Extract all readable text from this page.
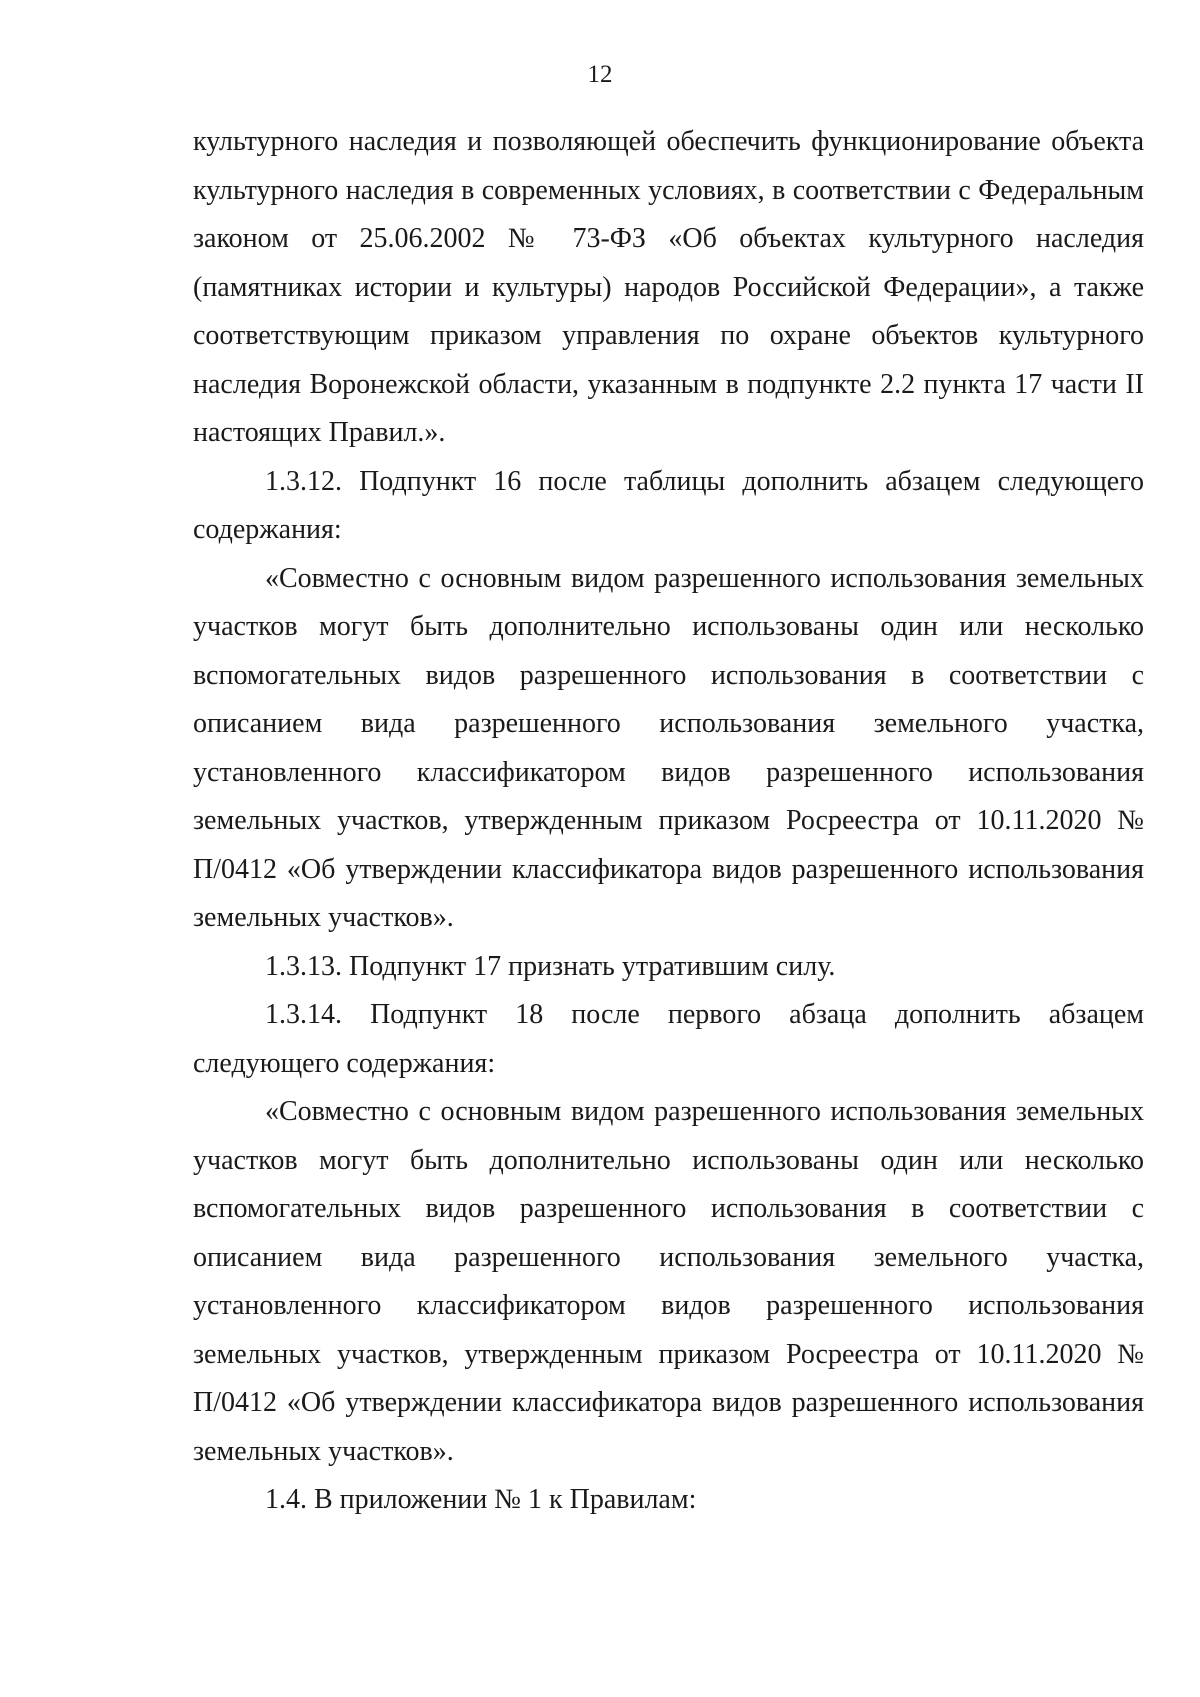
12

культурного наследия и позволяющей обеспечить функционирование объекта культурного наследия в современных условиях, в соответствии с Федеральным законом от 25.06.2002 № 73-ФЗ «Об объектах культурного наследия (памятниках истории и культуры) народов Российской Федерации», а также соответствующим приказом управления по охране объектов культурного наследия Воронежской области, указанным в подпункте 2.2 пункта 17 части II настоящих Правил.».

1.3.12. Подпункт 16 после таблицы дополнить абзацем следующего содержания:

«Совместно с основным видом разрешенного использования земельных участков могут быть дополнительно использованы один или несколько вспомогательных видов разрешенного использования в соответствии с описанием вида разрешенного использования земельного участка, установленного классификатором видов разрешенного использования земельных участков, утвержденным приказом Росреестра от 10.11.2020 № П/0412 «Об утверждении классификатора видов разрешенного использования земельных участков».

1.3.13. Подпункт 17 признать утратившим силу.

1.3.14. Подпункт 18 после первого абзаца дополнить абзацем следующего содержания:

«Совместно с основным видом разрешенного использования земельных участков могут быть дополнительно использованы один или несколько вспомогательных видов разрешенного использования в соответствии с описанием вида разрешенного использования земельного участка, установленного классификатором видов разрешенного использования земельных участков, утвержденным приказом Росреестра от 10.11.2020 № П/0412 «Об утверждении классификатора видов разрешенного использования земельных участков».

1.4. В приложении № 1 к Правилам:
